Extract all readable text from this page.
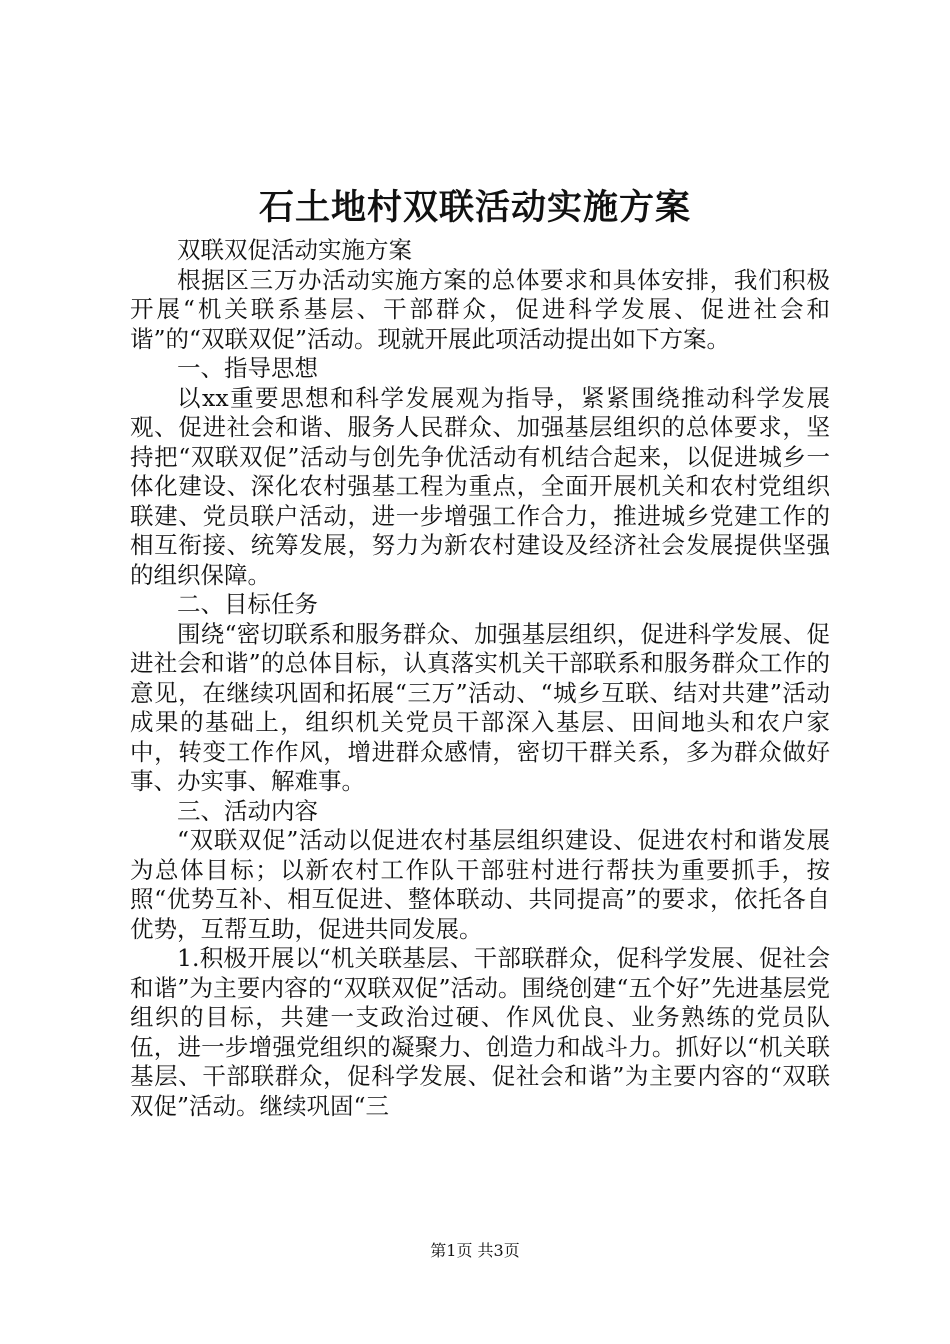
石土地村双联活动实施方案

双联双促活动实施方案

根据区三万办活动实施方案的总体要求和具体安排，我们积极开展“机关联系基层、干部群众，促进科学发展、促进社会和谐”的“双联双促”活动。现就开展此项活动提出如下方案。

一、指导思想

以xx重要思想和科学发展观为指导，紧紧围绕推动科学发展观、促进社会和谐、服务人民群众、加强基层组织的总体要求，坚持把“双联双促”活动与创先争优活动有机结合起来，以促进城乡一体化建设、深化农村强基工程为重点，全面开展机关和农村党组织联建、党员联户活动，进一步增强工作合力，推进城乡党建工作的相互衔接、统筹发展，努力为新农村建设及经济社会发展提供坚强的组织保障。

二、目标任务

围绕“密切联系和服务群众、加强基层组织，促进科学发展、促进社会和谐”的总体目标，认真落实机关干部联系和服务群众工作的意见，在继续巩固和拓展“三万”活动、“城乡互联、结对共建”活动成果的基础上，组织机关党员干部深入基层、田间地头和农户家中，转变工作作风，增进群众感情，密切干群关系，多为群众做好事、办实事、解难事。

三、活动内容

“双联双促”活动以促进农村基层组织建设、促进农村和谐发展为总体目标；以新农村工作队干部驻村进行帮扶为重要抓手，按照“优势互补、相互促进、整体联动、共同提高”的要求，依托各自优势，互帮互助，促进共同发展。

1.积极开展以“机关联基层、干部联群众，促科学发展、促社会和谐”为主要内容的“双联双促”活动。围绕创建“五个好”先进基层党组织的目标，共建一支政治过硬、作风优良、业务熟练的党员队伍，进一步增强党组织的凝聚力、创造力和战斗力。抓好以“机关联基层、干部联群众，促科学发展、促社会和谐”为主要内容的“双联双促”活动。继续巩固“三

第1页 共3页
